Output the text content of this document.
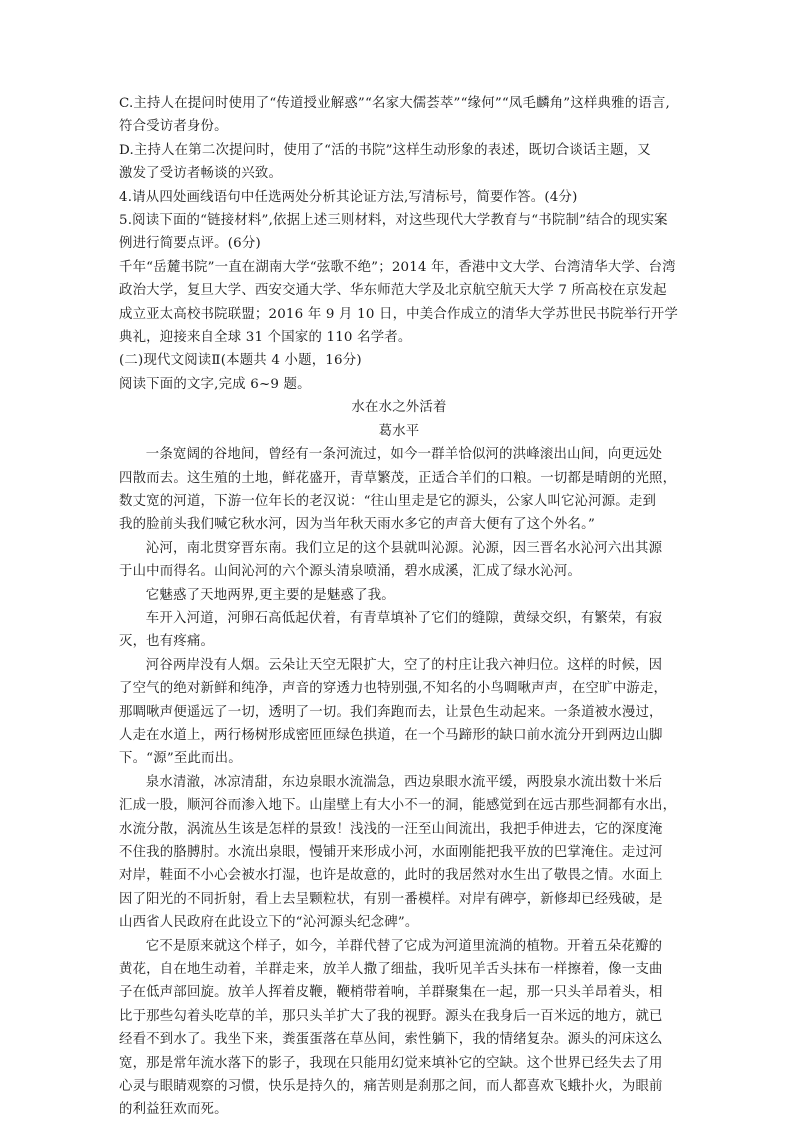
C.主持人在提问时使用了“传道授业解惑”“名家大儒荟萃”“缘何”“凤毛麟角”这样典雅的语言,

符合受访者身份。

D.主持人在第二次提问时，使用了“活的书院”这样生动形象的表述，既切合谈话主题，又

激发了受访者畅谈的兴致。

4.请从四处画线语句中任选两处分析其论证方法,写清标号，简要作答。(4分)

5.阅读下面的“链接材料”,依据上述三则材料，对这些现代大学教育与“书院制”结合的现实案

例进行简要点评。(6分)

千年“岳麓书院”一直在湖南大学“弦歌不绝”；2014 年，香港中文大学、台湾清华大学、台湾

政治大学，复旦大学、西安交通大学、华东师范大学及北京航空航天大学 7 所高校在京发起

成立亚太高校书院联盟；2016 年 9 月 10 日，中美合作成立的清华大学苏世民书院举行开学

典礼，迎接来自全球 31 个国家的 110 名学者。

(二)现代文阅读Ⅱ(本题共 4 小题，16分)

阅读下面的文字,完成 6~9 题。

水在水之外活着

葛水平

一条宽阔的谷地间，曾经有一条河流过，如今一群羊恰似河的洪峰滚出山间，向更远处

四散而去。这生殖的土地，鲜花盛开，青草繁茂，正适合羊们的口粮。一切都是晴朗的光照，

数丈宽的河道，下游一位年长的老汉说：“往山里走是它的源头，公家人叫它沁河源。走到

我的脸前头我们喊它秋水河，因为当年秋天雨水多它的声音大便有了这个外名。”

沁河，南北贯穿晋东南。我们立足的这个县就叫沁源。沁源，因三晋名水沁河六出其源

于山中而得名。山间沁河的六个源头清泉喷涌，碧水成溪，汇成了绿水沁河。

它魅惑了天地两界,更主要的是魅惑了我。

车开入河道，河卵石高低起伏着，有青草填补了它们的缝隙，黄绿交织，有繁荣，有寂

灭，也有疼痛。

河谷两岸没有人烟。云朵让天空无限扩大，空了的村庄让我六神归位。这样的时候，因

了空气的绝对新鲜和纯净，声音的穿透力也特别强,不知名的小鸟啁啾声声，在空旷中游走，

那啁啾声便遥远了一切，透明了一切。我们奔跑而去，让景色生动起来。一条道被水漫过，

人走在水道上，两行杨树形成密匝匝绿色拱道，在一个马蹄形的缺口前水流分开到两边山脚

下。“源”至此而出。

泉水清澈，冰凉清甜，东边泉眼水流湍急，西边泉眼水流平缓，两股泉水流出数十米后

汇成一股，顺河谷而渗入地下。山崖壁上有大小不一的洞，能感觉到在远古那些洞都有水出，

水流分散，涡流丛生该是怎样的景致！浅浅的一汪至山间流出，我把手伸进去，它的深度淹

不住我的胳膊肘。水流出泉眼，慢铺开来形成小河，水面刚能把我平放的巴掌淹住。走过河

对岸，鞋面不小心会被水打湿，也许是故意的，此时的我居然对水生出了敬畏之情。水面上

因了阳光的不同折射，看上去呈颗粒状，有别一番模样。对岸有碑亭，新修却已经残破，是

山西省人民政府在此设立下的“沁河源头纪念碑”。

它不是原来就这个样子，如今，羊群代替了它成为河道里流淌的植物。开着五朵花瓣的

黄花，自在地生动着，羊群走来，放羊人撒了细盐，我听见羊舌头抹布一样擦着，像一支曲

子在低声部回旋。放羊人挥着皮鞭，鞭梢带着响，羊群聚集在一起，那一只头羊昂着头，相

比于那些勾着头吃草的羊，那只头羊扩大了我的视野。源头在我身后一百米远的地方，就已

经看不到水了。我坐下来，粪蛋蛋落在草丛间，索性躺下，我的情绪复杂。源头的河床这么

宽，那是常年流水落下的影子，我现在只能用幻觉来填补它的空缺。这个世界已经失去了用

心灵与眼睛观察的习惯，快乐是持久的，痛苦则是刹那之间，而人都喜欢飞蛾扑火，为眼前

的利益狂欢而死。
